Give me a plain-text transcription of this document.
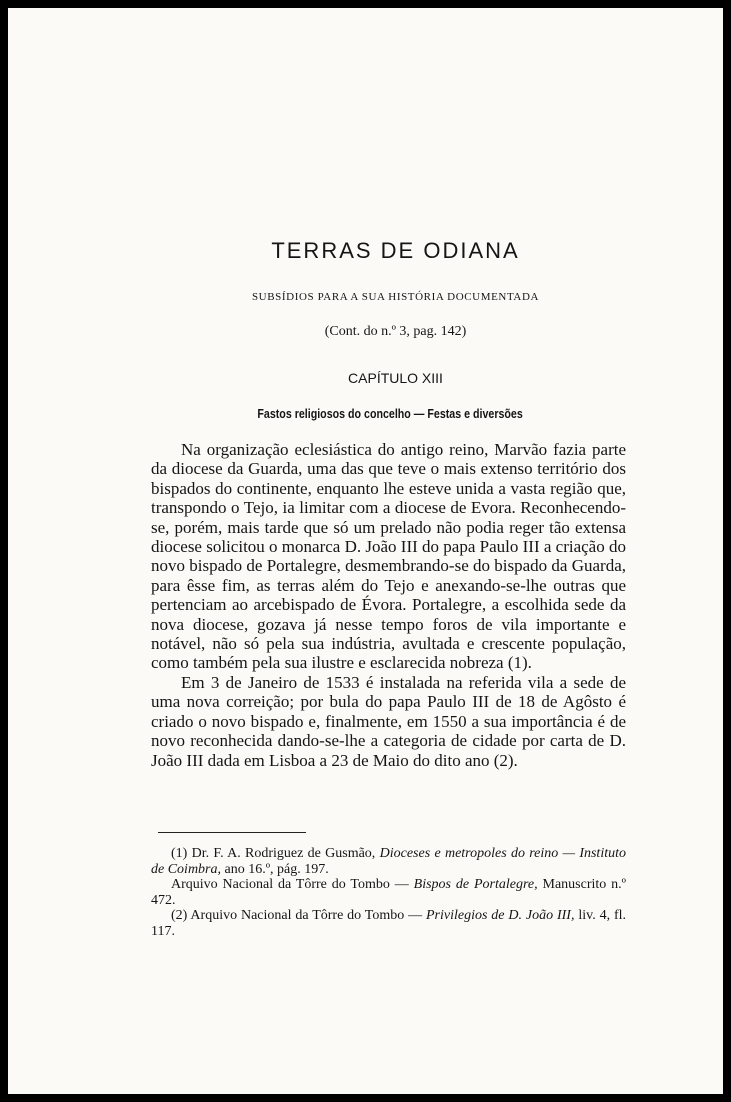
TERRAS DE ODIANA
SUBSÍDIOS PARA A SUA HISTÓRIA DOCUMENTADA
(Cont. do n.º 3, pag. 142)
CAPÍTULO XIII
Fastos religiosos do concelho — Festas e diversões

Na organização eclesiástica do antigo reino, Marvão fazia parte da diocese da Guarda, uma das que teve o mais extenso território dos bispados do continente, enquanto lhe esteve unida a vasta região que, transpondo o Tejo, ia limitar com a diocese de Evora. Reconhecendo-se, porém, mais tarde que só um prelado não podia reger tão extensa diocese solicitou o monarca D. João III do papa Paulo III a criação do novo bispado de Portalegre, desmembrando-se do bispado da Guarda, para êsse fim, as terras além do Tejo e anexando-se-lhe outras que pertenciam ao arcebispado de Évora. Portalegre, a escolhida sede da nova diocese, gozava já nesse tempo foros de vila importante e notável, não só pela sua indústria, avultada e crescente população, como também pela sua ilustre e esclarecida nobreza (1).

Em 3 de Janeiro de 1533 é instalada na referida vila a sede de uma nova correição; por bula do papa Paulo III de 18 de Agôsto é criado o novo bispado e, finalmente, em 1550 a sua importância é de novo reconhecida dando-se-lhe a categoria de cidade por carta de D. João III dada em Lisboa a 23 de Maio do dito ano (2).

(1) Dr. F. A. Rodriguez de Gusmão, Dioceses e metropoles do reino — Instituto de Coimbra, ano 16.º, pág. 197.

Arquivo Nacional da Tôrre do Tombo — Bispos de Portalegre, Manuscrito n.º 472.

(2) Arquivo Nacional da Tôrre do Tombo — Privilegios de D. João III, liv. 4, fl. 117.
